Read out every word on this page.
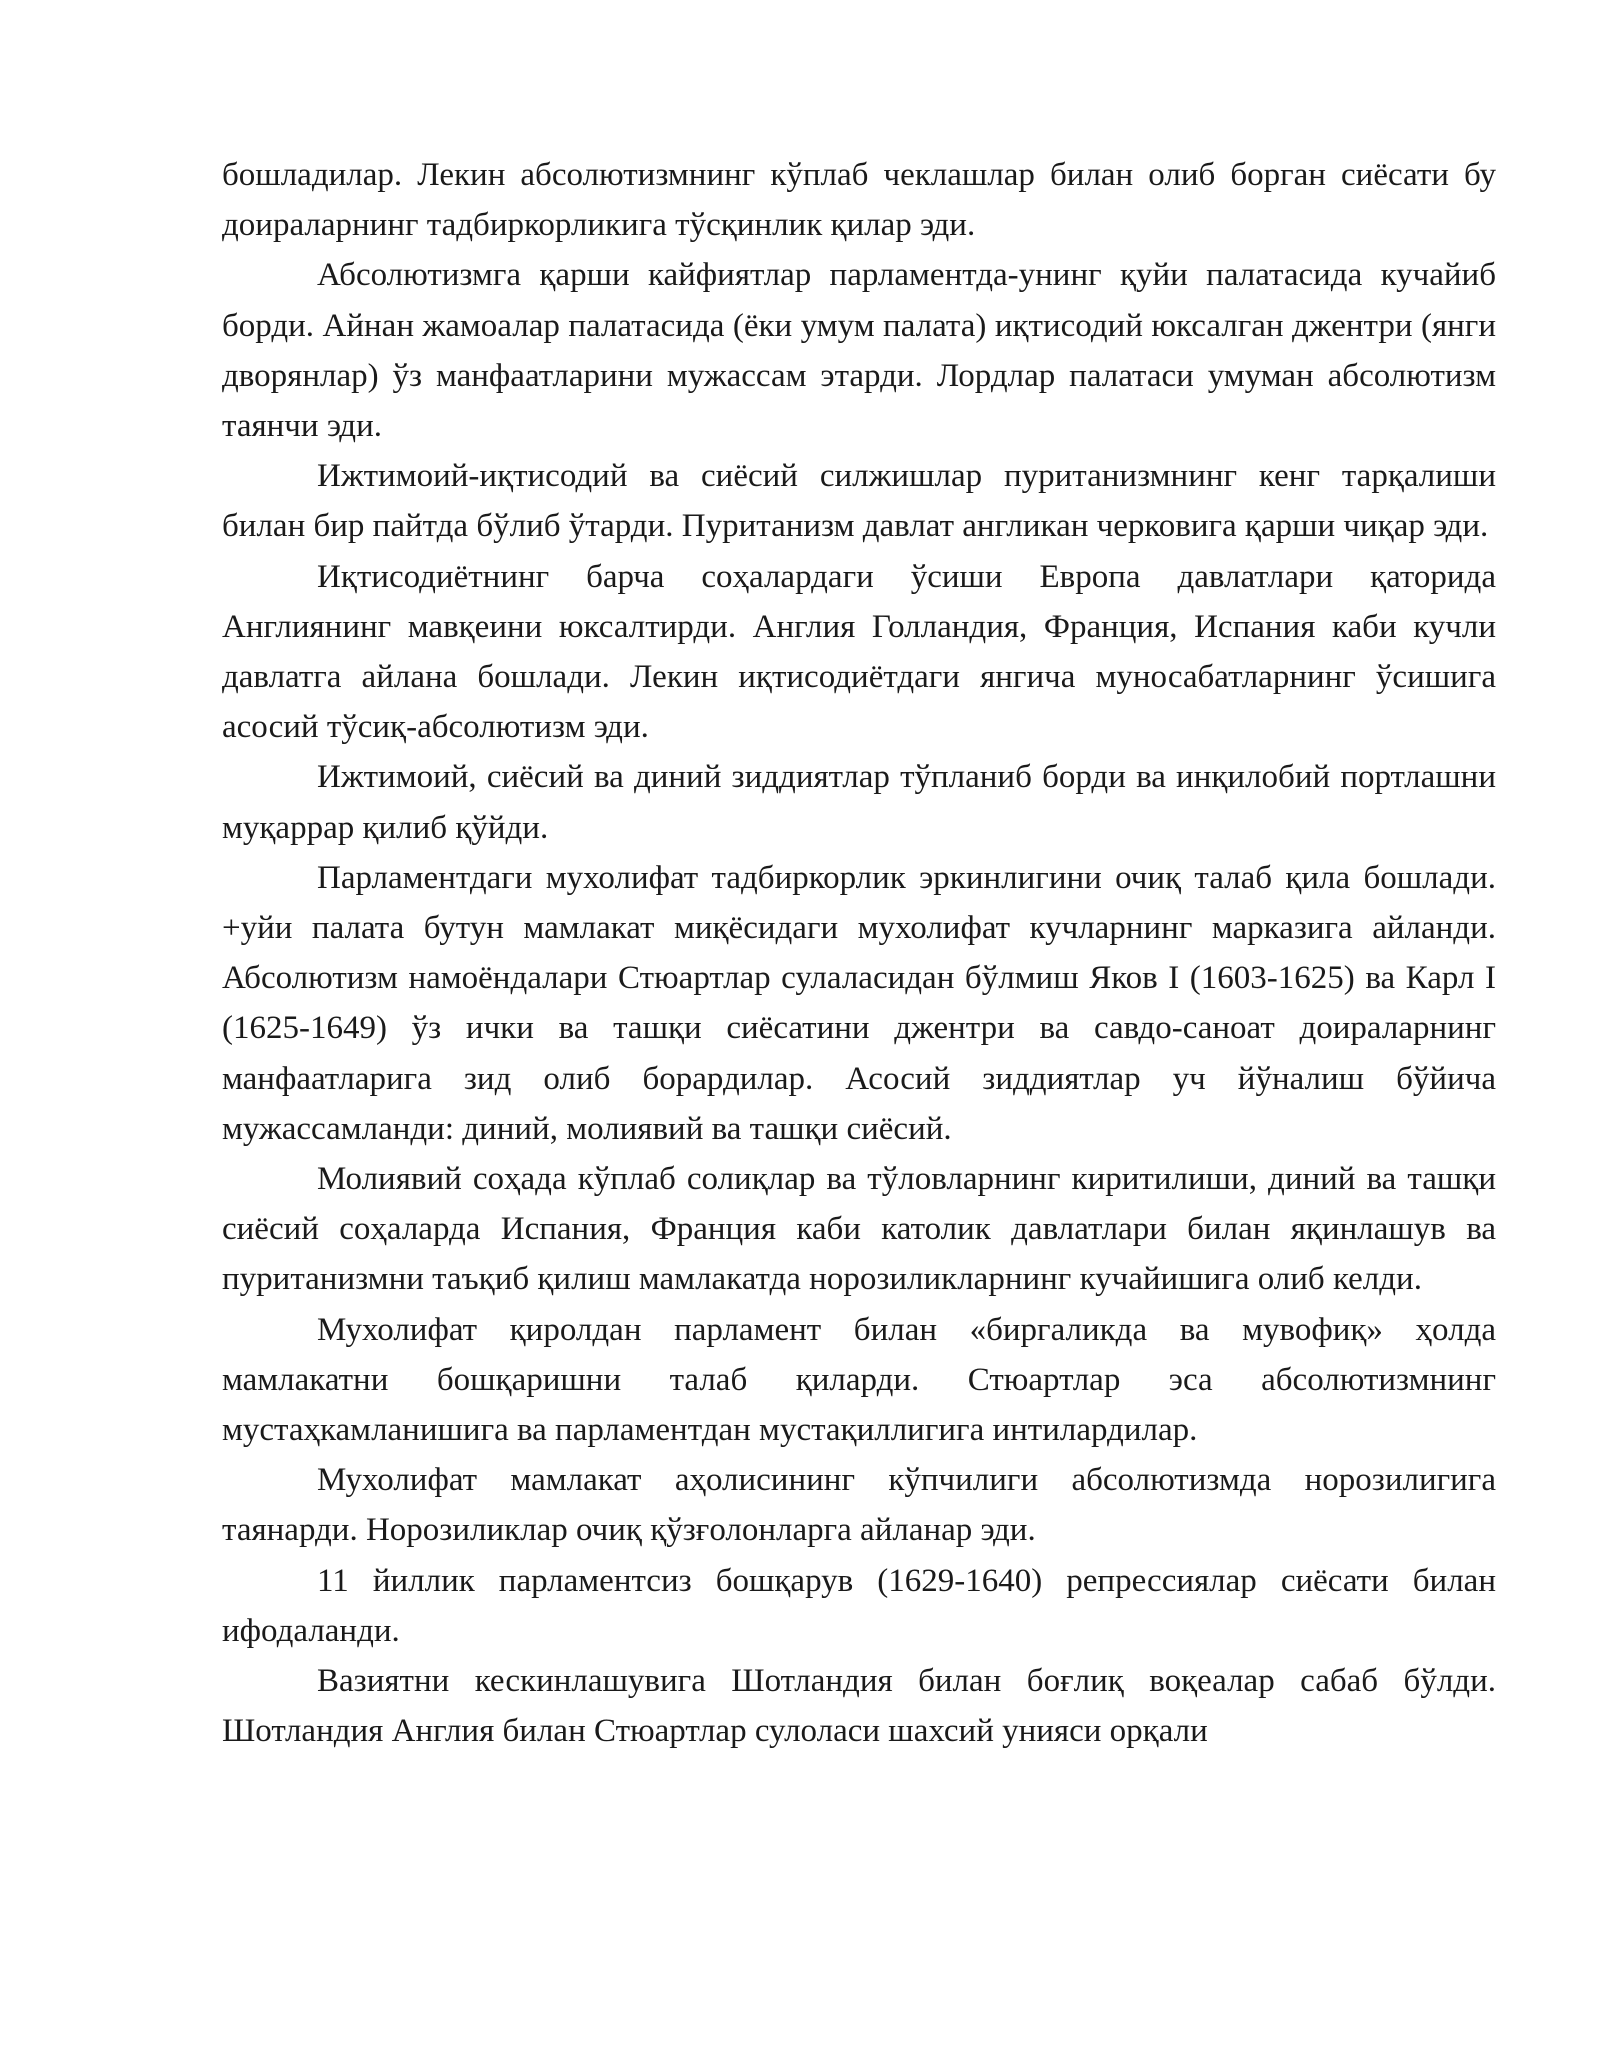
бошладилар. Лекин абсолютизмнинг кўплаб чеклашлар билан олиб борган сиёсати бу доираларнинг тадбиркорликига тўсқинлик қилар эди.

Абсолютизмга қарши кайфиятлар парламентда-унинг қуйи палатасида кучайиб борди. Айнан жамоалар палатасида (ёки умум палата) иқтисодий юксалган джентри (янги дворянлар) ўз манфаатларини мужассам этарди. Лордлар палатаси умуман абсолютизм таянчи эди.

Ижтимоий-иқтисодий ва сиёсий силжишлар пуританизмнинг кенг тарқалиши билан бир пайтда бўлиб ўтарди. Пуританизм давлат англикан черковига қарши чиқар эди.

Иқтисодиётнинг барча соҳалардаги ўсиши Европа давлатлари қаторида Англиянинг мавқеини юксалтирди. Англия Голландия, Франция, Испания каби кучли давлатга айлана бошлади. Лекин иқтисодиётдаги янгича муносабатларнинг ўсишига асосий тўсиқ-абсолютизм эди.

Ижтимоий, сиёсий ва диний зиддиятлар тўпланиб борди ва инқилобий портлашни муқаррар қилиб қўйди.

Парламентдаги мухолифат тадбиркорлик эркинлигини очиқ талаб қила бошлади. +уйи палата бутун мамлакат миқёсидаги мухолифат кучларнинг марказига айланди. Абсолютизм намоёндалари Стюартлар сулаласидан бўлмиш Яков I (1603-1625) ва Карл I (1625-1649) ўз ички ва ташқи сиёсатини джентри ва савдо-саноат доираларнинг манфаатларига зид олиб борардилар. Асосий зиддиятлар уч йўналиш бўйича мужассамланди: диний, молиявий ва ташқи сиёсий.

Молиявий соҳада кўплаб солиқлар ва тўловларнинг киритилиши, диний ва ташқи сиёсий соҳаларда Испания, Франция каби католик давлатлари билан яқинлашув ва пуританизмни таъқиб қилиш мамлакатда норозиликларнинг кучайишига олиб келди.

Мухолифат қиролдан парламент билан «биргаликда ва мувофиқ» ҳолда мамлакатни бошқаришни талаб қиларди. Стюартлар эса абсолютизмнинг мустаҳкамланишига ва парламентдан мустақиллигига интилардилар.

Мухолифат мамлакат аҳолисининг кўпчилиги абсолютизмда норозилигига таянарди. Норозиликлар очиқ қўзғолонларга айланар эди.

11 йиллик парламентсиз бошқарув (1629-1640) репрессиялар сиёсати билан ифодаланди.

Вазиятни кескинлашувига Шотландия билан боғлиқ воқеалар сабаб бўлди. Шотландия Англия билан Стюартлар сулоласи шахсий унияси орқали
